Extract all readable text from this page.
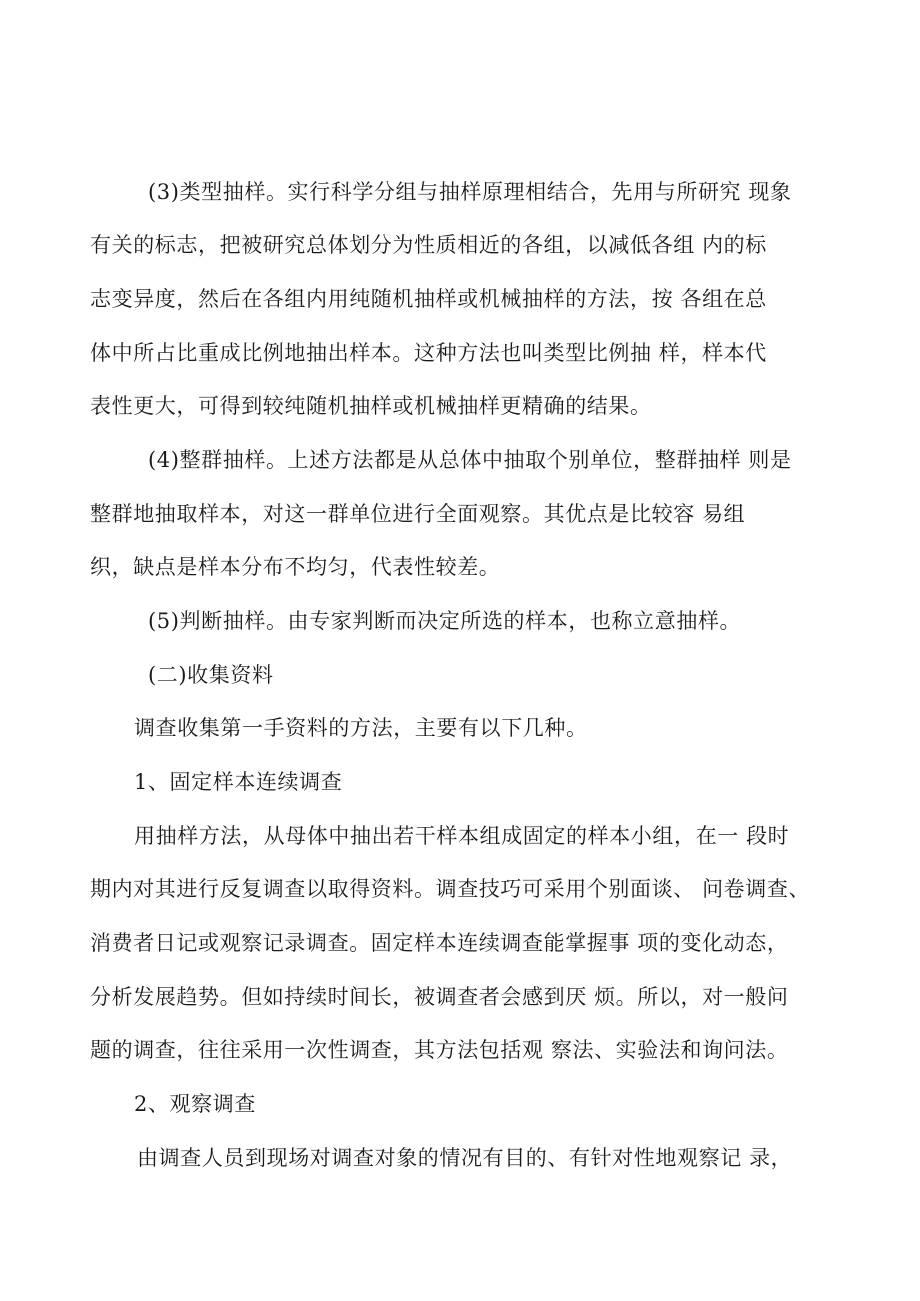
(3)类型抽样。实行科学分组与抽样原理相结合，先用与所研究 现象
有关的标志，把被研究总体划分为性质相近的各组，以减低各组 内的标
志变异度，然后在各组内用纯随机抽样或机械抽样的方法，按 各组在总
体中所占比重成比例地抽出样本。这种方法也叫类型比例抽 样，样本代
表性更大，可得到较纯随机抽样或机械抽样更精确的结果。
(4)整群抽样。上述方法都是从总体中抽取个别单位，整群抽样 则是
整群地抽取样本，对这一群单位进行全面观察。其优点是比较容 易组
织，缺点是样本分布不均匀，代表性较差。
(5)判断抽样。由专家判断而决定所选的样本，也称立意抽样。
(二)收集资料
调查收集第一手资料的方法，主要有以下几种。
1、固定样本连续调查
用抽样方法，从母体中抽出若干样本组成固定的样本小组，在一 段时
期内对其进行反复调查以取得资料。调查技巧可采用个别面谈、 问卷调查、
消费者日记或观察记录调查。固定样本连续调查能掌握事 项的变化动态，
分析发展趋势。但如持续时间长，被调查者会感到厌 烦。所以，对一般问
题的调查，往往采用一次性调查，其方法包括观 察法、实验法和询问法。
2、观察调查
由调查人员到现场对调查对象的情况有目的、有针对性地观察记 录，
